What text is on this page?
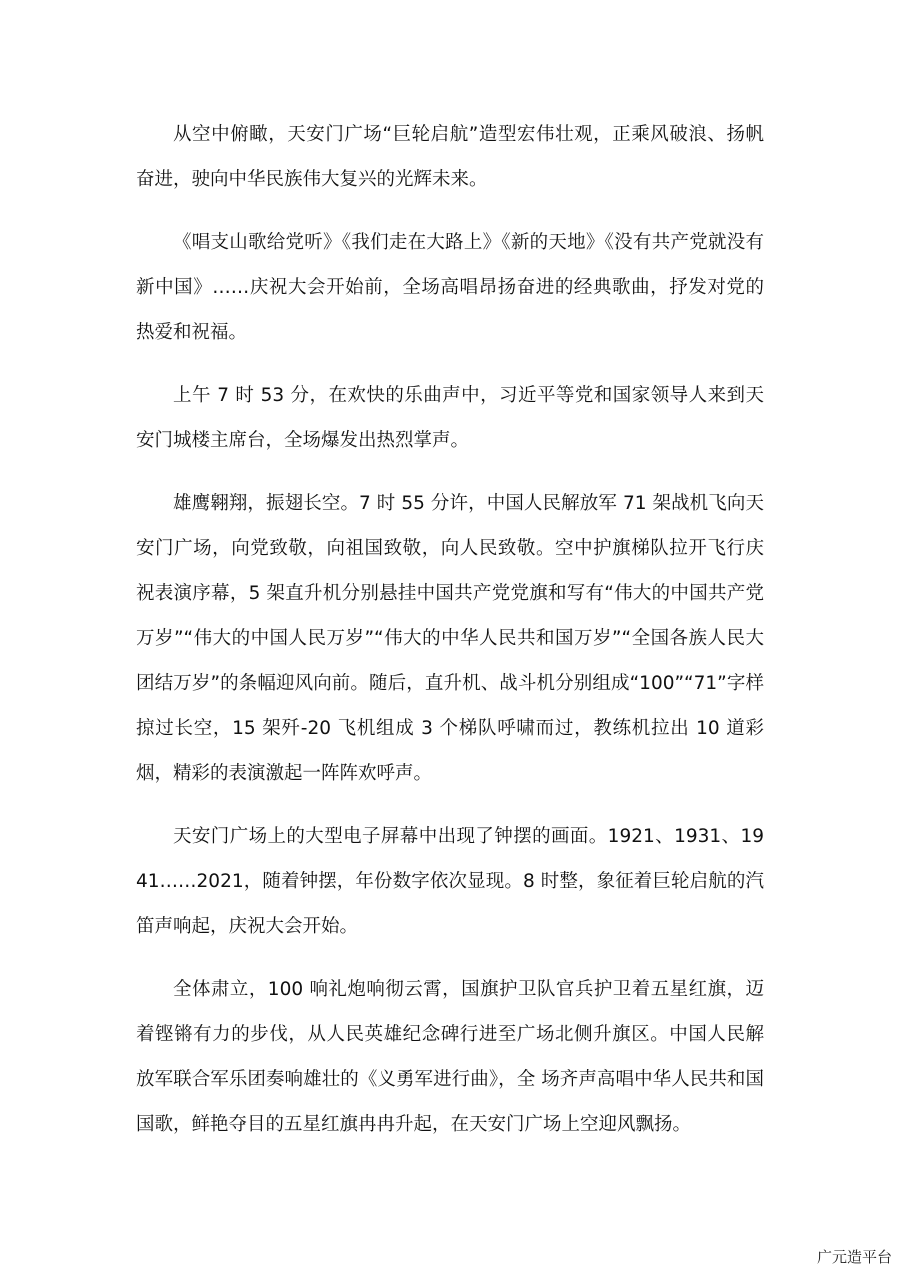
从空中俯瞰，天安门广场“巨轮启航”造型宏伟壮观，正乘风破浪、扬帆奋进，驶向中华民族伟大复兴的光辉未来。

《唱支山歌给党听》《我们走在大路上》《新的天地》《没有共产党就没有新中国》……庆祝大会开始前，全场高唱昂扬奋进的经典歌曲，抒发对党的热爱和祝福。

上午 7 时 53 分，在欢快的乐曲声中，习近平等党和国家领导人来到天安门城楼主席台，全场爆发出热烈掌声。

雄鹰翱翔，振翅长空。7 时 55 分许，中国人民解放军 71 架战机飞向天安门广场，向党致敬，向祖国致敬，向人民致敬。空中护旗梯队拉开飞行庆祝表演序幕，5 架直升机分别悬挂中国共产党党旗和写有“伟大的中国共产党万岁”“伟大的中国人民万岁”“伟大的中华人民共和国万岁”“全国各族人民大团结万岁”的条幅迎风向前。随后，直升机、战斗机分别组成“100”“71”字样掠过长空，15 架歼-20 飞机组成 3 个梯队呼啸而过，教练机拉出 10 道彩烟，精彩的表演激起一阵阵欢呼声。

天安门广场上的大型电子屏幕中出现了钟摆的画面。1921、1931、1941……2021，随着钟摆，年份数字依次显现。8 时整，象征着巨轮启航的汽笛声响起，庆祝大会开始。

全体肃立，100 响礼炮响彻云霄，国旗护卫队官兵护卫着五星红旗，迈着铿锵有力的步伐，从人民英雄纪念碑行进至广场北侧升旗区。中国人民解放军联合军乐团奏响雄壮的《义勇军进行曲》，全 场齐声高唱中华人民共和国国歌，鲜艳夺目的五星红旗冉冉升起，在天安门广场上空迎风飘扬。

广元造平台
